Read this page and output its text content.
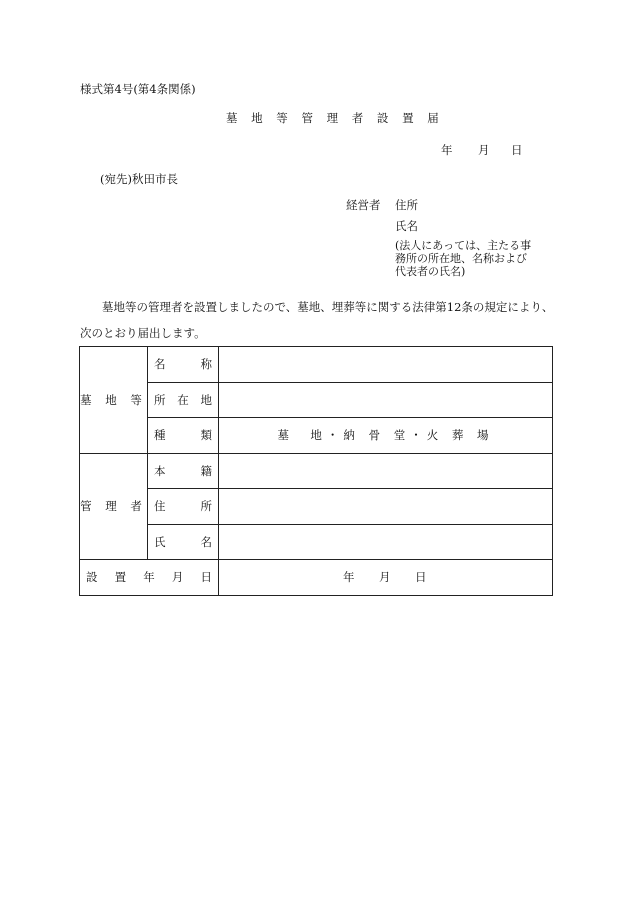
様式第4号(第4条関係)
墓 地 等 管 理 者 設 置 届
年 月 日
(宛先)秋田市長
経営者 住所
氏名
(法人にあっては、主たる事務所の所在地、名称および代表者の氏名)
墓地等の管理者を設置しましたので、墓地、埋葬等に関する法律第12条の規定により、次のとおり届出します。
墓 地 等	名 称	

	所 在 地	

	種 類	墓　地・納 骨 堂・火 葬 場
管 理 者	本 籍	

	住 所	

	氏 名	

設 置 年 月 日		年 月 日
